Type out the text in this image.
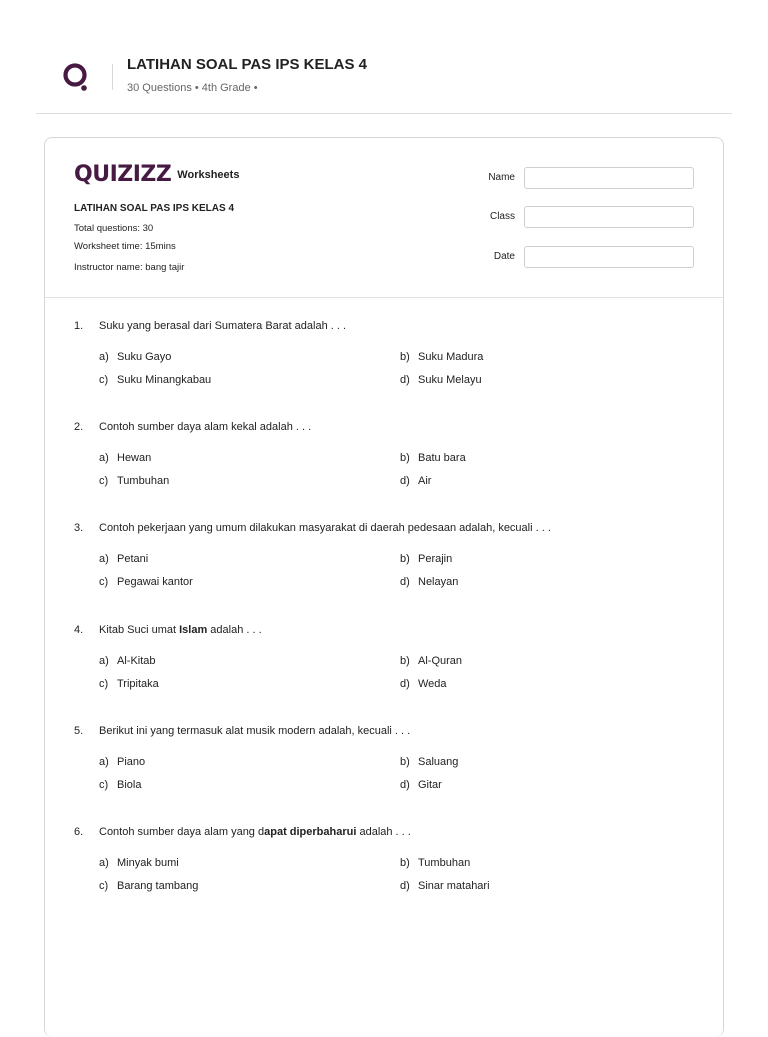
LATIHAN SOAL PAS IPS KELAS 4
30 Questions • 4th Grade •
QUIZIZZ Worksheets
LATIHAN SOAL PAS IPS KELAS 4
Total questions: 30
Worksheet time: 15mins
Instructor name: bang tajir
Name
Class
Date
1. Suku yang berasal dari Sumatera Barat adalah . . .
a) Suku Gayo	b) Suku Madura
c) Suku Minangkabau	d) Suku Melayu
2. Contoh sumber daya alam kekal adalah . . .
a) Hewan	b) Batu bara
c) Tumbuhan	d) Air
3. Contoh pekerjaan yang umum dilakukan masyarakat di daerah pedesaan adalah, kecuali . . .
a) Petani	b) Perajin
c) Pegawai kantor	d) Nelayan
4. Kitab Suci umat Islam adalah . . .
a) Al-Kitab	b) Al-Quran
c) Tripitaka	d) Weda
5. Berikut ini yang termasuk alat musik modern adalah, kecuali . . .
a) Piano	b) Saluang
c) Biola	d) Gitar
6. Contoh sumber daya alam yang dapat diperbaharui adalah . . .
a) Minyak bumi	b) Tumbuhan
c) Barang tambang	d) Sinar matahari
